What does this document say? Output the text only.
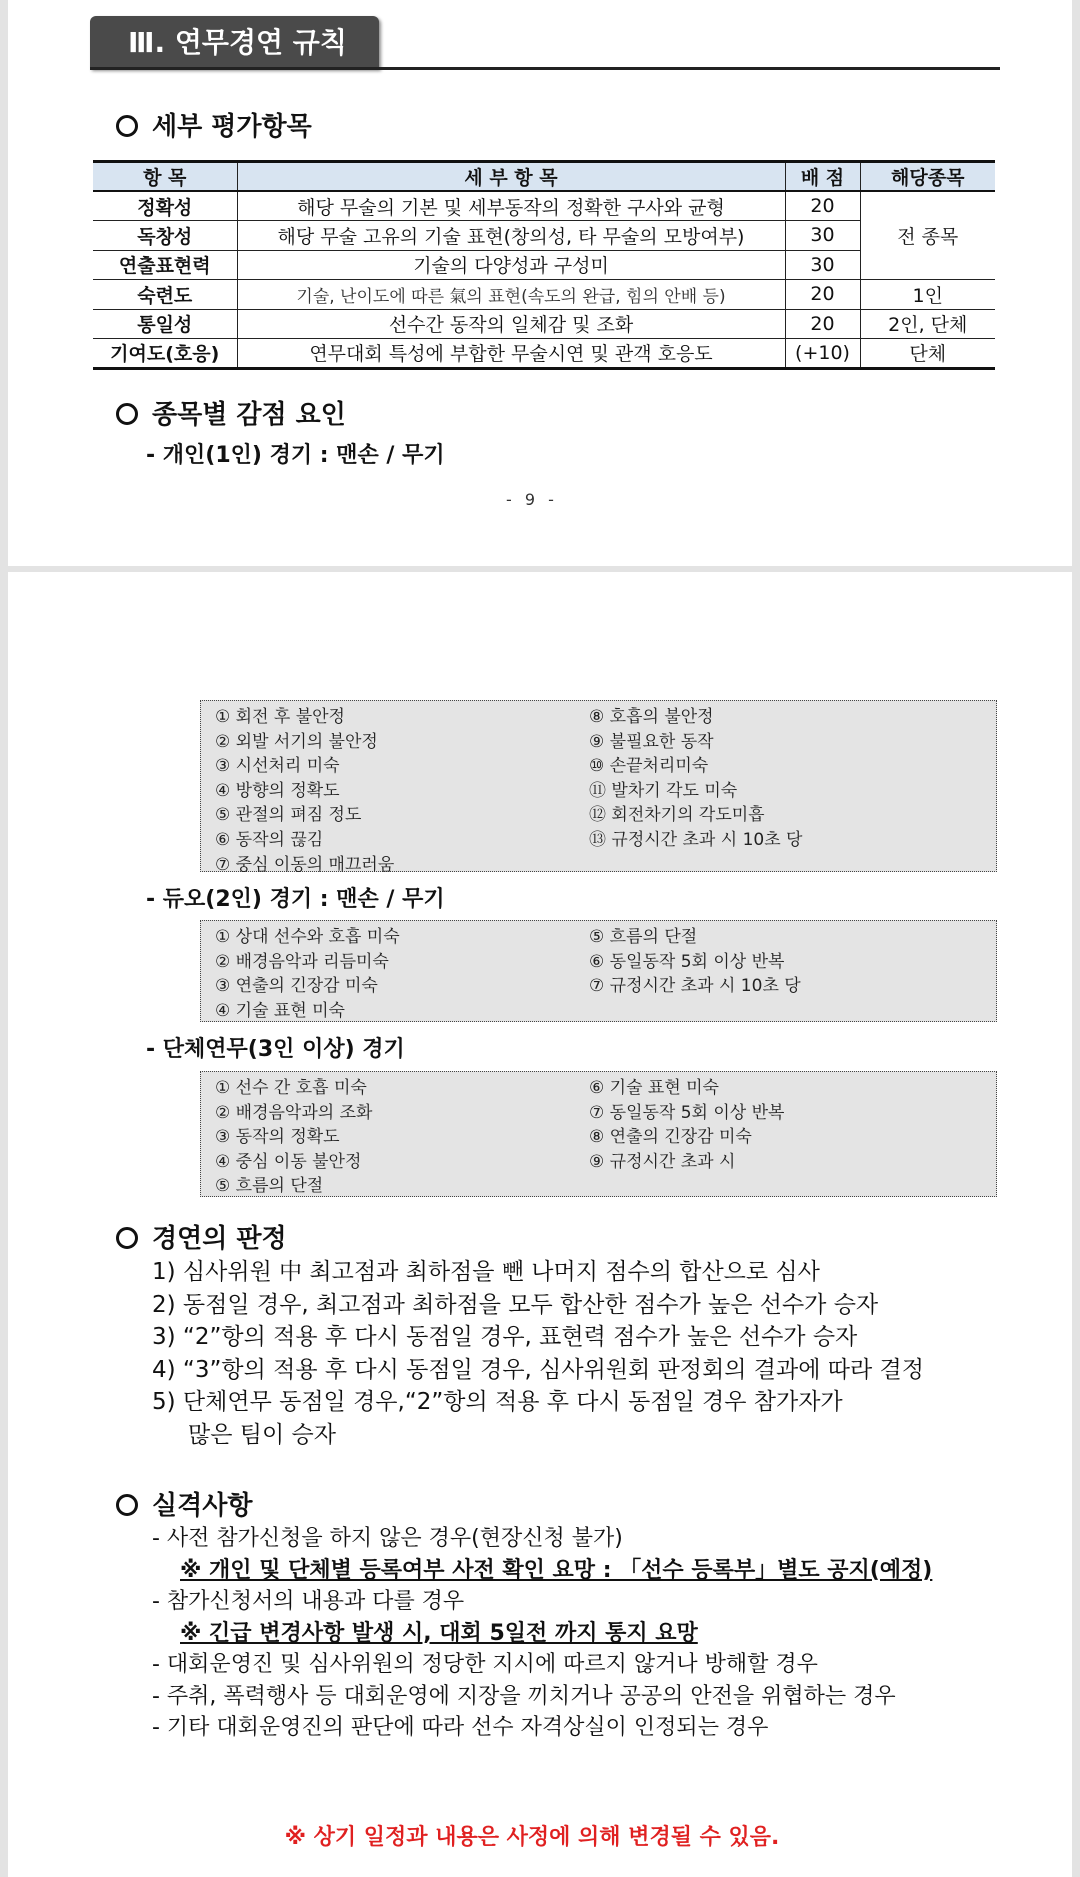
Ⅲ. 연무경연 규칙
세부 평가항목
항 목	세 부 항 목	배 점	해당종목
정확성	해당 무술의 기본 및 세부동작의 정확한 구사와 균형	20	전 종목
독창성	해당 무술 고유의 기술 표현(창의성, 타 무술의 모방여부)	30	
연출표현력	기술의 다양성과 구성미	30	
숙련도	기술, 난이도에 따른 氣의 표현(속도의 완급, 힘의 안배 등)	20	1인
통일성	선수간 동작의 일체감 및 조화	20	2인, 단체
기여도(호응)	연무대회 특성에 부합한 무술시연 및 관객 호응도	(+10)	단체
종목별 감점 요인
- 개인(1인) 경기 : 맨손 / 무기
- 9 -
① 회전 후 불안정
② 외발 서기의 불안정
③ 시선처리 미숙
④ 방향의 정확도
⑤ 관절의 펴짐 정도
⑥ 동작의 끊김
⑦ 중심 이동의 매끄러움
⑧ 호흡의 불안정
⑨ 불필요한 동작
⑩ 손끝처리미숙
⑪ 발차기 각도 미숙
⑫ 회전차기의 각도미흡
⑬ 규정시간 초과 시 10초 당
- 듀오(2인) 경기 : 맨손 / 무기
① 상대 선수와 호흡 미숙
② 배경음악과 리듬미숙
③ 연출의 긴장감 미숙
④ 기술 표현 미숙
⑤ 흐름의 단절
⑥ 동일동작 5회 이상 반복
⑦ 규정시간 초과 시 10초 당
- 단체연무(3인 이상) 경기
① 선수 간 호흡 미숙
② 배경음악과의 조화
③ 동작의 정확도
④ 중심 이동 불안정
⑤ 흐름의 단절
⑥ 기술 표현 미숙
⑦ 동일동작 5회 이상 반복
⑧ 연출의 긴장감 미숙
⑨ 규정시간 초과 시
경연의 판정
1) 심사위원 中 최고점과 최하점을 뺀 나머지 점수의 합산으로 심사
2) 동점일 경우, 최고점과 최하점을 모두 합산한 점수가 높은 선수가 승자
3) “2”항의 적용 후 다시 동점일 경우, 표현력 점수가 높은 선수가 승자
4) “3”항의 적용 후 다시 동점일 경우, 심사위원회 판정회의 결과에 따라 결정
5) 단체연무 동점일 경우,“2”항의 적용 후 다시 동점일 경우 참가자가
많은 팀이 승자
실격사항
- 사전 참가신청을 하지 않은 경우(현장신청 불가)
※ 개인 및 단체별 등록여부 사전 확인 요망 : 「선수 등록부」별도 공지(예정)
- 참가신청서의 내용과 다를 경우
※ 긴급 변경사항 발생 시, 대회 5일전 까지 통지 요망
- 대회운영진 및 심사위원의 정당한 지시에 따르지 않거나 방해할 경우
- 주취, 폭력행사 등 대회운영에 지장을 끼치거나 공공의 안전을 위협하는 경우
- 기타 대회운영진의 판단에 따라 선수 자격상실이 인정되는 경우
※ 상기 일정과 내용은 사정에 의해 변경될 수 있음.
